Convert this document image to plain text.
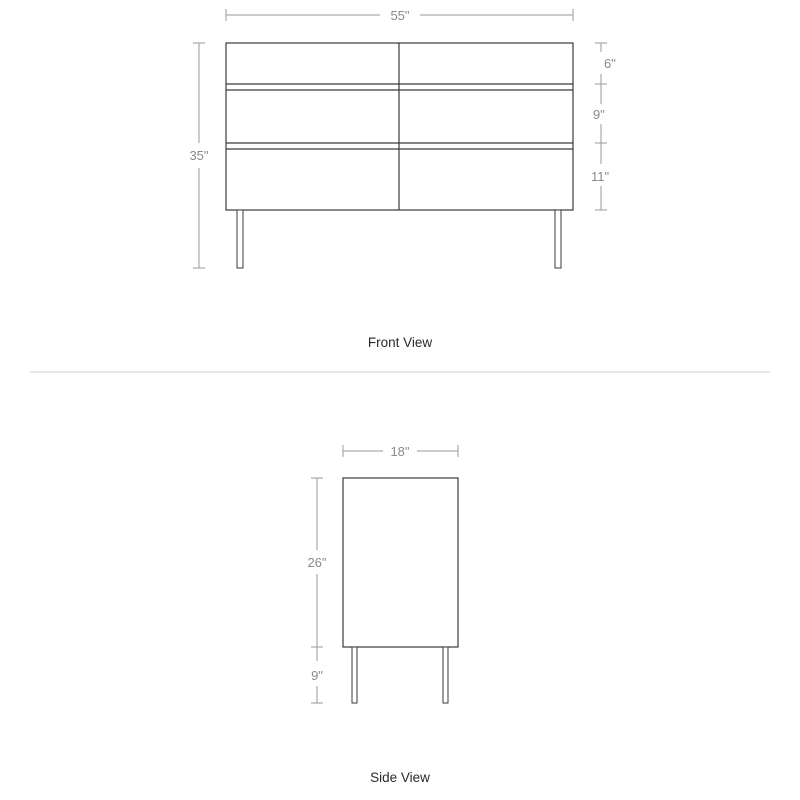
55"
35"
6"
9"
11"
Front View
18"
26"
9"
Side View
